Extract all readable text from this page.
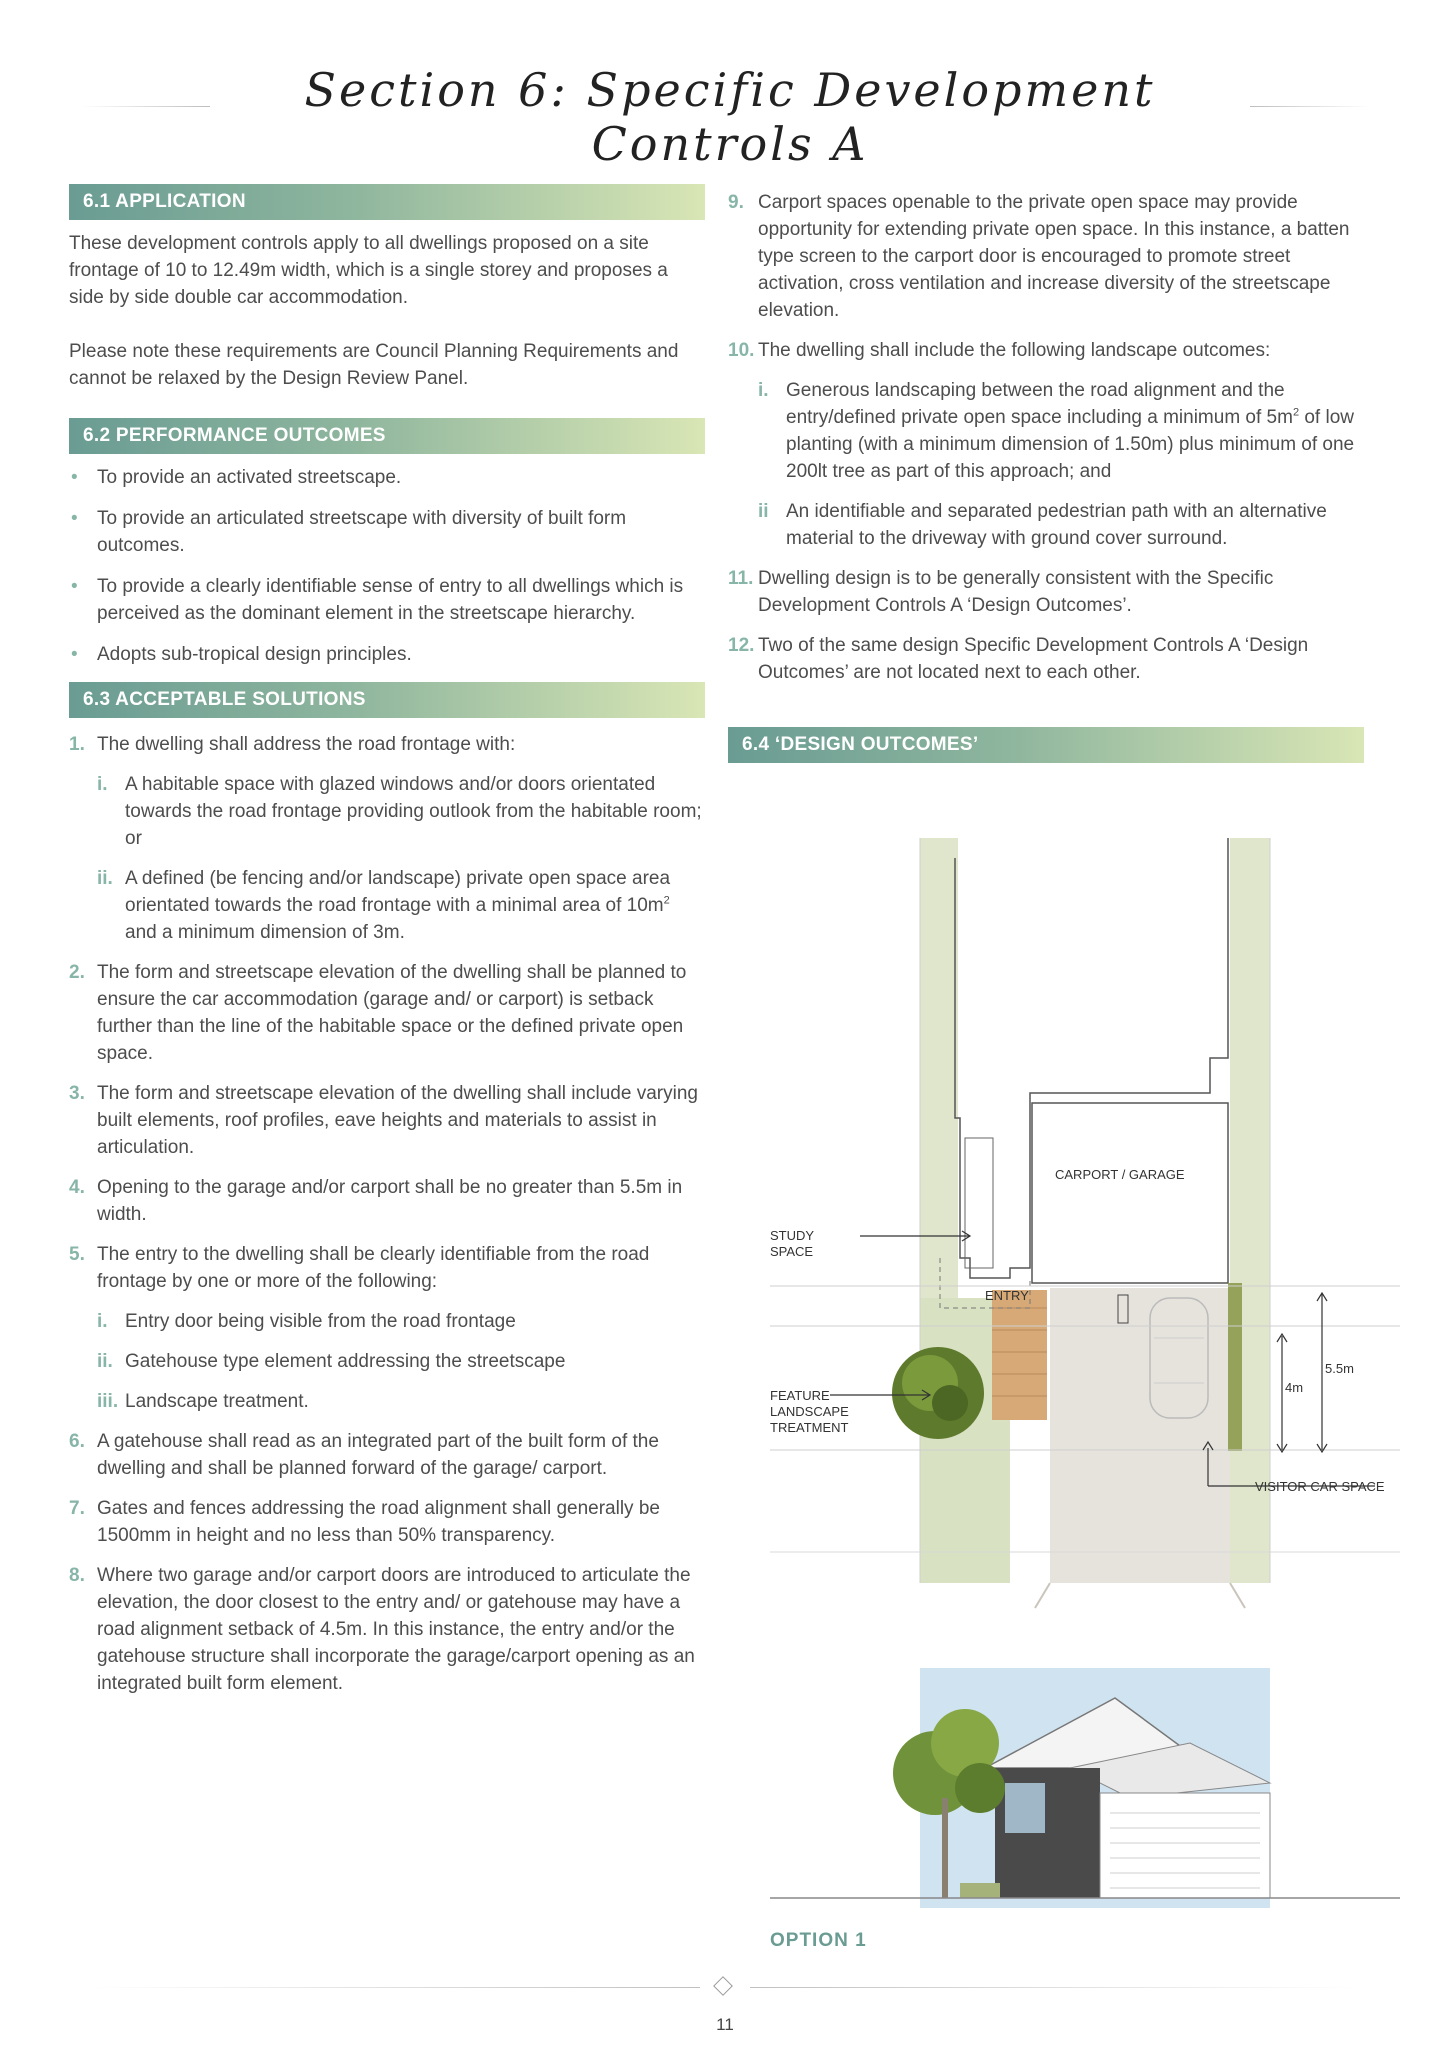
Section 6: Specific Development Controls A
6.1 APPLICATION

These development controls apply to all dwellings proposed on a site frontage of 10 to 12.49m width, which is a single storey and proposes a side by side double car accommodation.

Please note these requirements are Council Planning Requirements and cannot be relaxed by the Design Review Panel.

6.2 PERFORMANCE OUTCOMES
• To provide an activated streetscape.
• To provide an articulated streetscape with diversity of built form outcomes.
• To provide a clearly identifiable sense of entry to all dwellings which is perceived as the dominant element in the streetscape hierarchy.
• Adopts sub-tropical design principles.
6.3 ACCEPTABLE SOLUTIONS
1. The dwelling shall address the road frontage with:
i. A habitable space with glazed windows and/or doors orientated towards the road frontage providing outlook from the habitable room; or
ii. A defined (be fencing and/or landscape) private open space area orientated towards the road frontage with a minimal area of $10m^2$ and a minimum dimension of 3m.
2. The form and streetscape elevation of the dwelling shall be planned to ensure the car accommodation (garage and/ or carport) is setback further than the line of the habitable space or the defined private open space.
3. The form and streetscape elevation of the dwelling shall include varying built elements, roof profiles, eave heights and materials to assist in articulation.
4. Opening to the garage and/or carport shall be no greater than 5.5m in width.
5. The entry to the dwelling shall be clearly identifiable from the road frontage by one or more of the following:
i. Entry door being visible from the road frontage
ii. Gatehouse type element addressing the streetscape
iii. Landscape treatment.
6. A gatehouse shall read as an integrated part of the built form of the dwelling and shall be planned forward of the garage/ carport.
7. Gates and fences addressing the road alignment shall generally be 1500mm in height and no less than 50% transparency.
8. Where two garage and/or carport doors are introduced to articulate the elevation, the door closest to the entry and/ or gatehouse may have a road alignment setback of 4.5m. In this instance, the entry and/or the gatehouse structure shall incorporate the garage/carport opening as an integrated built form element.
9. Carport spaces openable to the private open space may provide opportunity for extending private open space. In this instance, a batten type screen to the carport door is encouraged to promote street activation, cross ventilation and increase diversity of the streetscape elevation.
10. The dwelling shall include the following landscape outcomes:
i. Generous landscaping between the road alignment and the entry/defined private open space including a minimum of $5m^2$ of low planting (with a minimum dimension of 1.50m) plus minimum of one 200lt tree as part of this approach; and
ii An identifiable and separated pedestrian path with an alternative material to the driveway with ground cover surround.
11. Dwelling design is to be generally consistent with the Specific Development Controls A ‘Design Outcomes’.
12. Two of the same design Specific Development Controls A ‘Design Outcomes’ are not located next to each other.
6.4 ‘DESIGN OUTCOMES’
CARPORT / GARAGE
STUDY
SPACE
ENTRY
FEATURE
LANDSCAPE
TREATMENT
5.5m
4m
VISITOR CAR SPACE
OPTION 1
11
